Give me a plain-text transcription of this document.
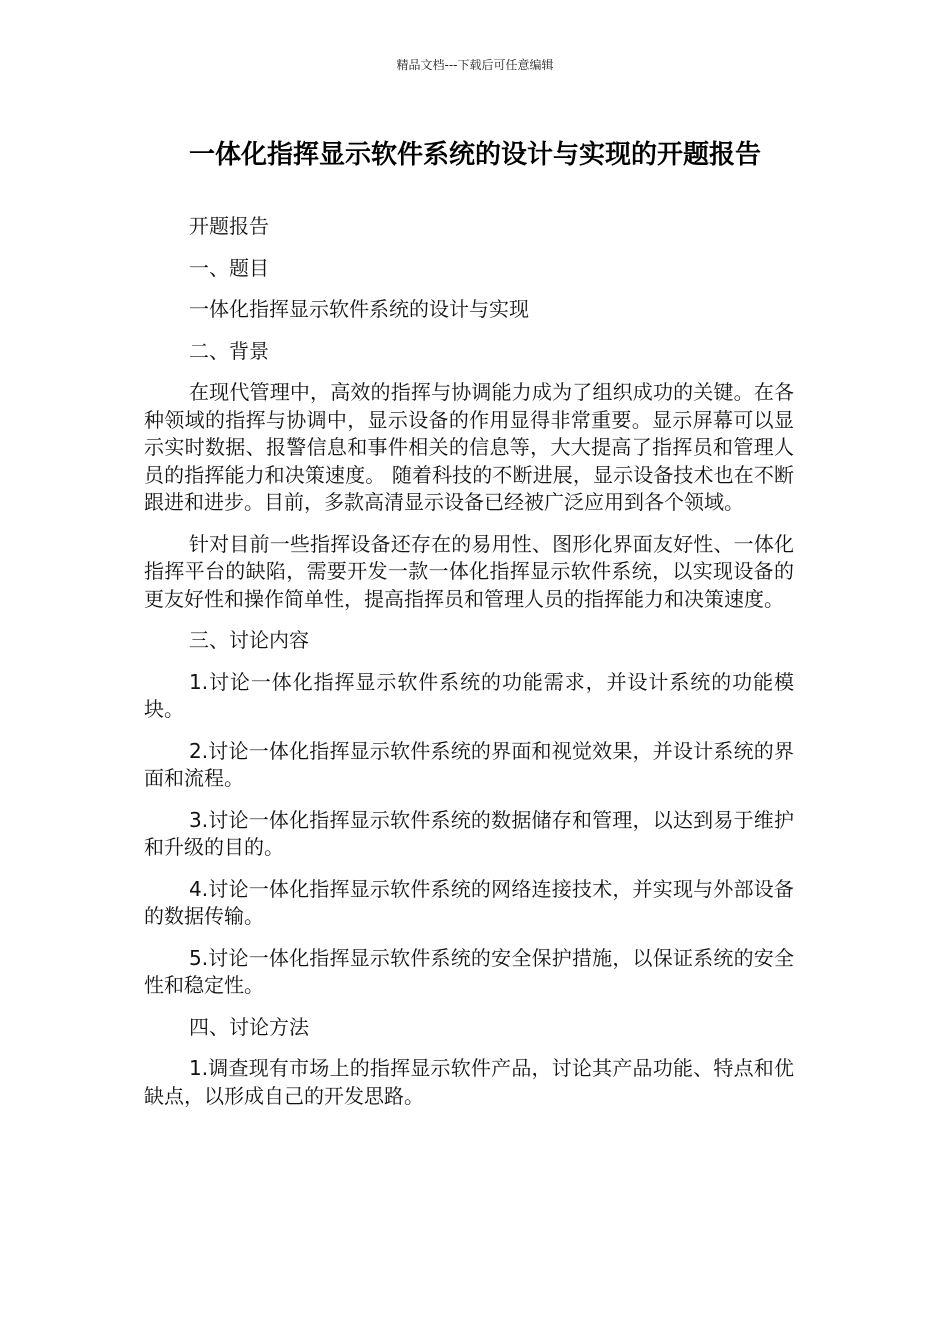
精品文档---下载后可任意编辑
一体化指挥显示软件系统的设计与实现的开题报告

开题报告

一、题目

一体化指挥显示软件系统的设计与实现

二、背景

在现代管理中，高效的指挥与协调能力成为了组织成功的关键。在各种领域的指挥与协调中，显示设备的作用显得非常重要。显示屏幕可以显示实时数据、报警信息和事件相关的信息等，大大提高了指挥员和管理人员的指挥能力和决策速度。 随着科技的不断进展，显示设备技术也在不断跟进和进步。目前，多款高清显示设备已经被广泛应用到各个领域。

针对目前一些指挥设备还存在的易用性、图形化界面友好性、一体化指挥平台的缺陷，需要开发一款一体化指挥显示软件系统，以实现设备的更友好性和操作简单性，提高指挥员和管理人员的指挥能力和决策速度。

三、讨论内容

1.讨论一体化指挥显示软件系统的功能需求，并设计系统的功能模块。

2.讨论一体化指挥显示软件系统的界面和视觉效果，并设计系统的界面和流程。

3.讨论一体化指挥显示软件系统的数据储存和管理，以达到易于维护和升级的目的。

4.讨论一体化指挥显示软件系统的网络连接技术，并实现与外部设备的数据传输。

5.讨论一体化指挥显示软件系统的安全保护措施，以保证系统的安全性和稳定性。

四、讨论方法

1.调查现有市场上的指挥显示软件产品，讨论其产品功能、特点和优缺点，以形成自己的开发思路。
